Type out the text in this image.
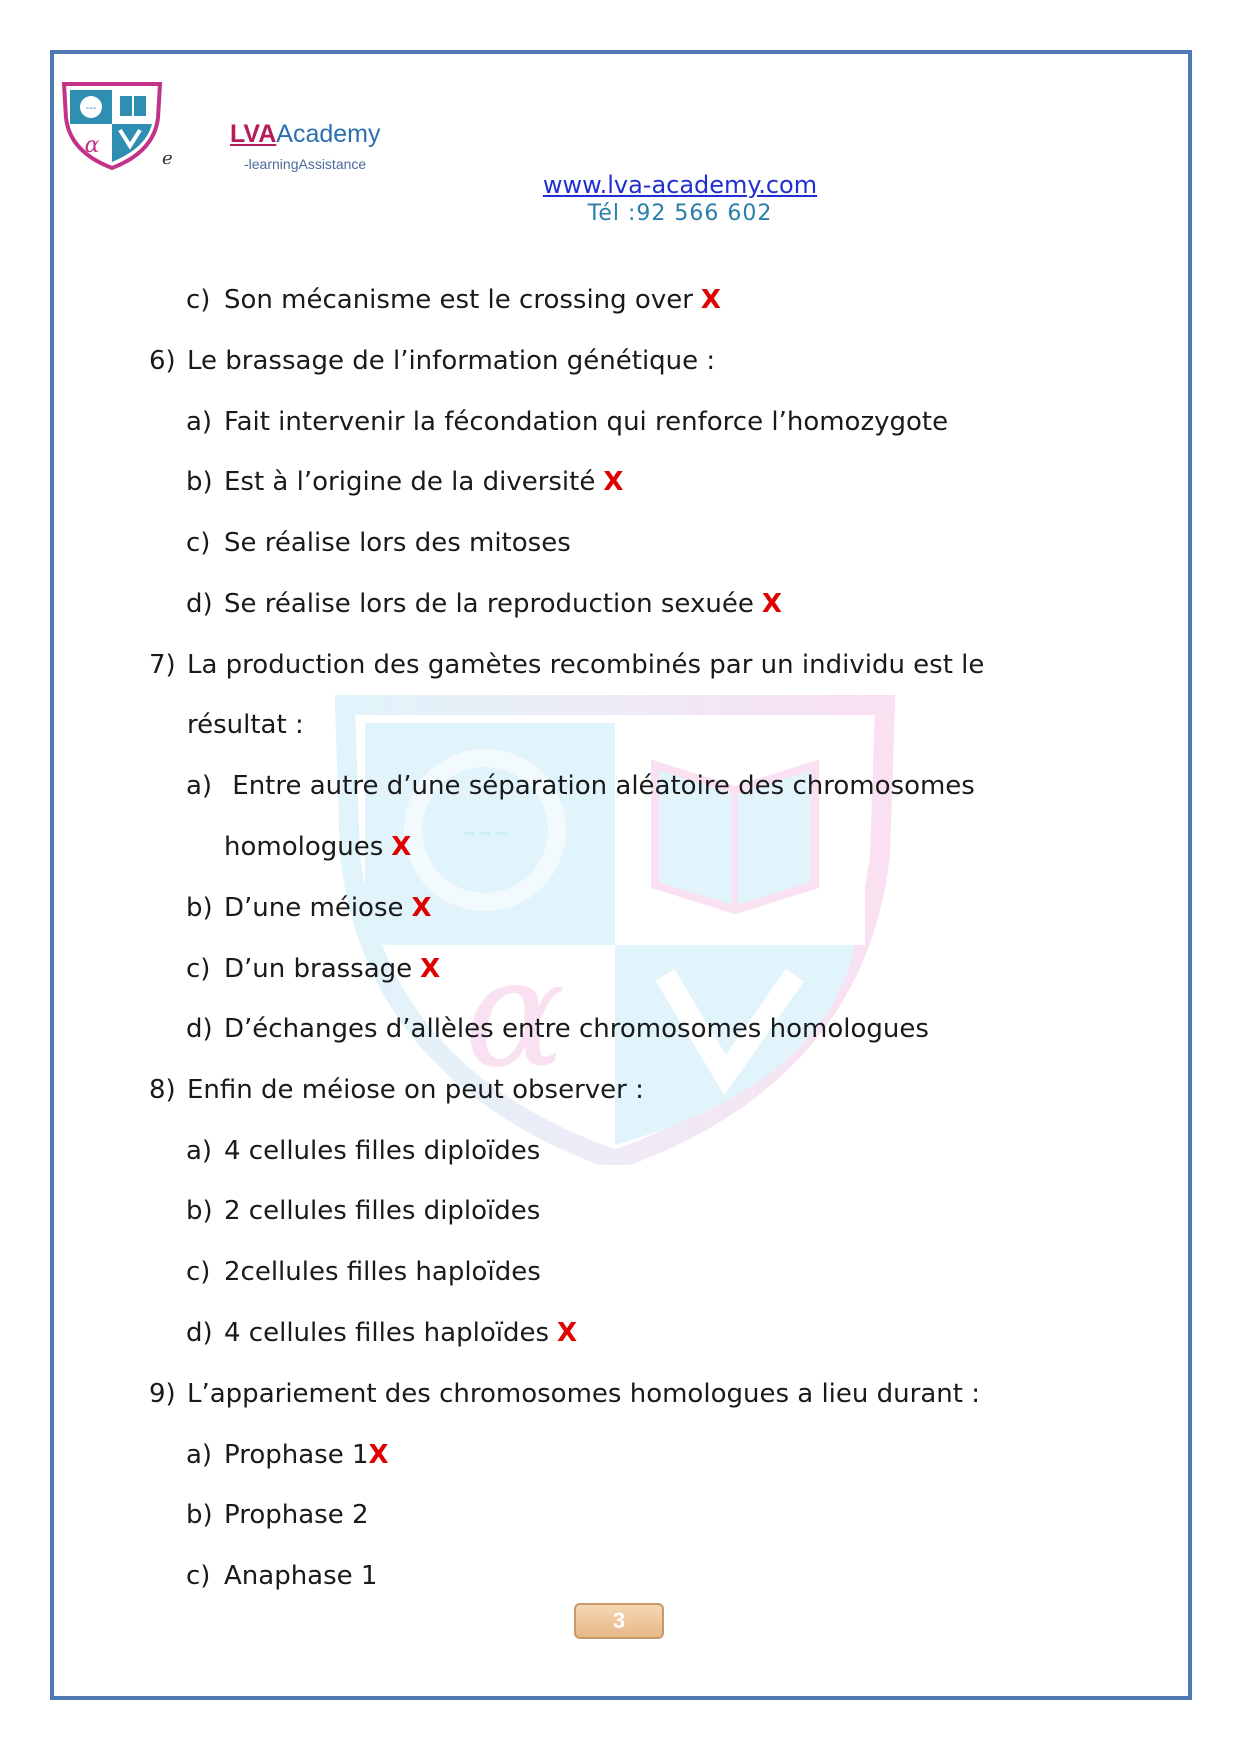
---
α
e
LVAAcademy
-learningAssistance
www.lva-academy.com
Tél :92 566 602
---
α
c) Son mécanisme est le crossing over X
6) Le brassage de l’information génétique :
a) Fait intervenir la fécondation qui renforce l’homozygote
b) Est à l’origine de la diversité X
c) Se réalise lors des mitoses
d) Se réalise lors de la reproduction sexuée X
7) La production des gamètes recombinés par un individu est le
résultat :
a) Entre autre d’une séparation aléatoire des chromosomes
homologues X
b) D’une méiose X
c) D’un brassage X
d) D’échanges d’allèles entre chromosomes homologues
8) Enfin de méiose on peut observer :
a) 4 cellules filles diploïdes
b) 2 cellules filles diploïdes
c) 2cellules filles haploïdes
d) 4 cellules filles haploïdes X
9) L’appariement des chromosomes homologues a lieu durant :
a) Prophase 1X
b) Prophase 2
c) Anaphase 1
3
